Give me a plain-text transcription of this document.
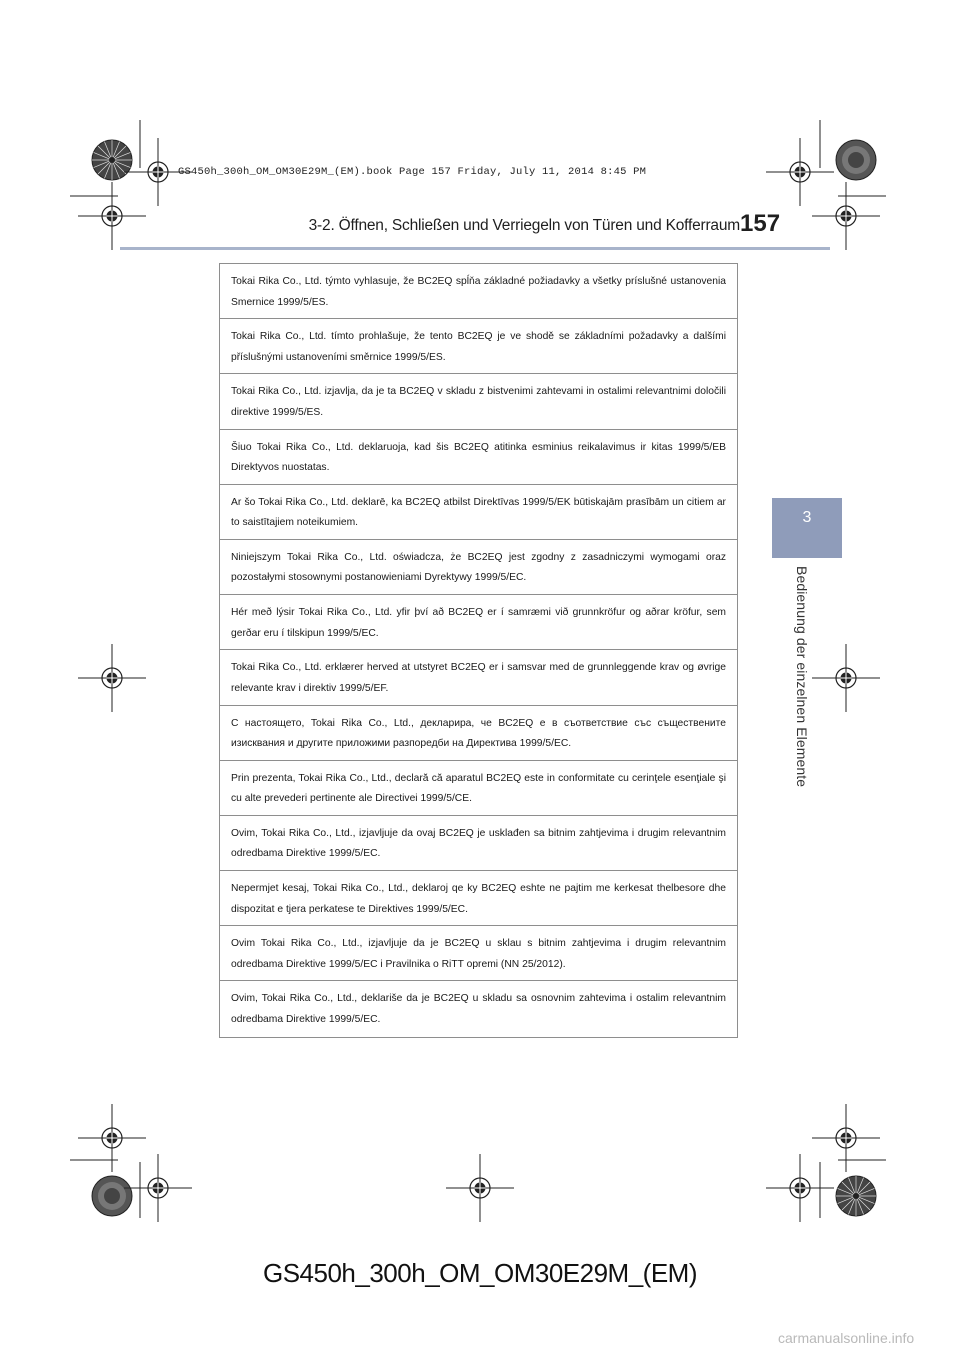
GS450h_300h_OM_OM30E29M_(EM).book Page 157 Friday, July 11, 2014 8:45 PM
3-2. Öffnen, Schließen und Verriegeln von Türen und Kofferraum 157
3
Bedienung der einzelnen Elemente
Tokai Rika Co., Ltd. týmto vyhlasuje, že BC2EQ spĺňa základné požiadavky a všetky príslušné ustanovenia Smernice 1999/5/ES.
Tokai Rika Co., Ltd. tímto prohlašuje, že tento BC2EQ je ve shodě se základními požadavky a dalšími příslušnými ustanoveními směrnice 1999/5/ES.
Tokai Rika Co., Ltd. izjavlja, da je ta BC2EQ v skladu z bistvenimi zahtevami in ostalimi relevantnimi določili direktive 1999/5/ES.
Šiuo Tokai Rika Co., Ltd. deklaruoja, kad šis BC2EQ atitinka esminius reikalavimus ir kitas 1999/5/EB Direktyvos nuostatas.
Ar šo Tokai Rika Co., Ltd. deklarē, ka BC2EQ atbilst Direktīvas 1999/5/EK būtiskajām prasībām un citiem ar to saistītajiem noteikumiem.
Niniejszym Tokai Rika Co., Ltd. oświadcza, że BC2EQ jest zgodny z zasadniczymi wymogami oraz pozostałymi stosownymi postanowieniami Dyrektywy 1999/5/EC.
Hér með lýsir Tokai Rika Co., Ltd. yfir því að BC2EQ er í samræmi við grunnkröfur og aðrar kröfur, sem gerðar eru í tilskipun 1999/5/EC.
Tokai Rika Co., Ltd. erklærer herved at utstyret BC2EQ er i samsvar med de grunnleggende krav og øvrige relevante krav i direktiv 1999/5/EF.
С настоящето, Tokai Rika Co., Ltd., декларира, че BC2EQ е в съответствие със съществените изисквания и другите приложими разпоредби на Директива 1999/5/ЕС.
Prin prezenta, Tokai Rika Co., Ltd., declară că aparatul BC2EQ este in conformitate cu cerinţele esenţiale şi cu alte prevederi pertinente ale Directivei 1999/5/CE.
Ovim, Tokai Rika Co., Ltd., izjavljuje da ovaj BC2EQ je usklađen sa bitnim zahtjevima i drugim relevantnim odredbama Direktive 1999/5/EC.
Nepermjet kesaj, Tokai Rika Co., Ltd., deklaroj qe ky BC2EQ eshte ne pajtim me kerkesat thelbesore dhe dispozitat e tjera perkatese te Direktives 1999/5/EC.
Ovim Tokai Rika Co., Ltd., izjavljuje da je BC2EQ u sklau s bitnim zahtjevima i drugim relevantnim odredbama Direktive 1999/5/EC i Pravilnika o RiTT opremi (NN 25/2012).
Ovim, Tokai Rika Co., Ltd., deklariše da je BC2EQ u skladu sa osnovnim zahtevima i ostalim relevantnim odredbama Direktive 1999/5/EC.
GS450h_300h_OM_OM30E29M_(EM)
carmanualsonline.info
